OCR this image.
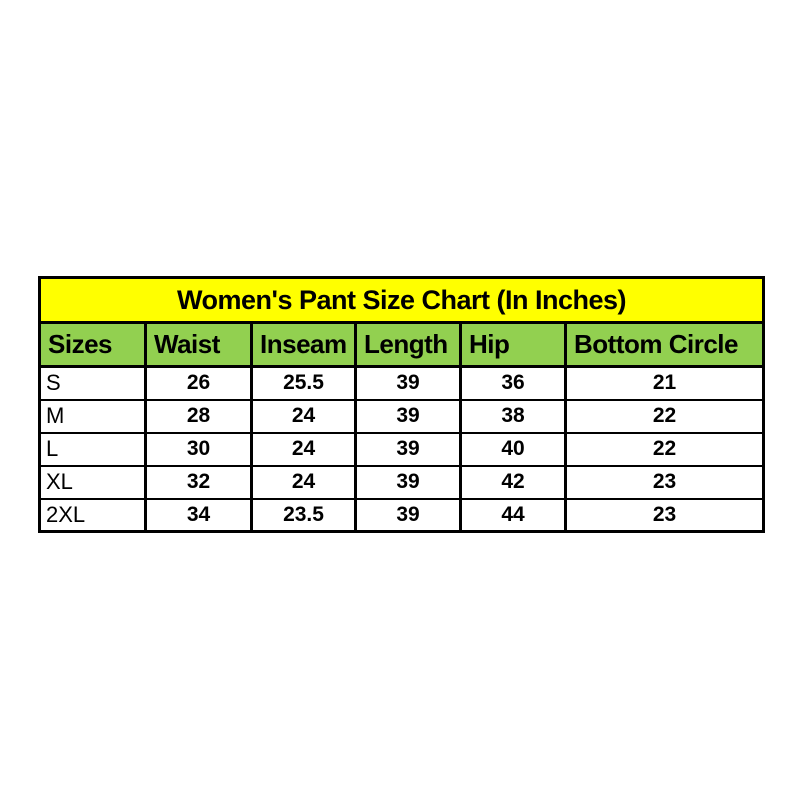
Women's Pant Size Chart (In Inches)					
Sizes	Waist	Inseam	Length	Hip	Bottom Circle
S	26	25.5	39	36	21
M	28	24	39	38	22
L	30	24	39	40	22
XL	32	24	39	42	23
2XL	34	23.5	39	44	23
